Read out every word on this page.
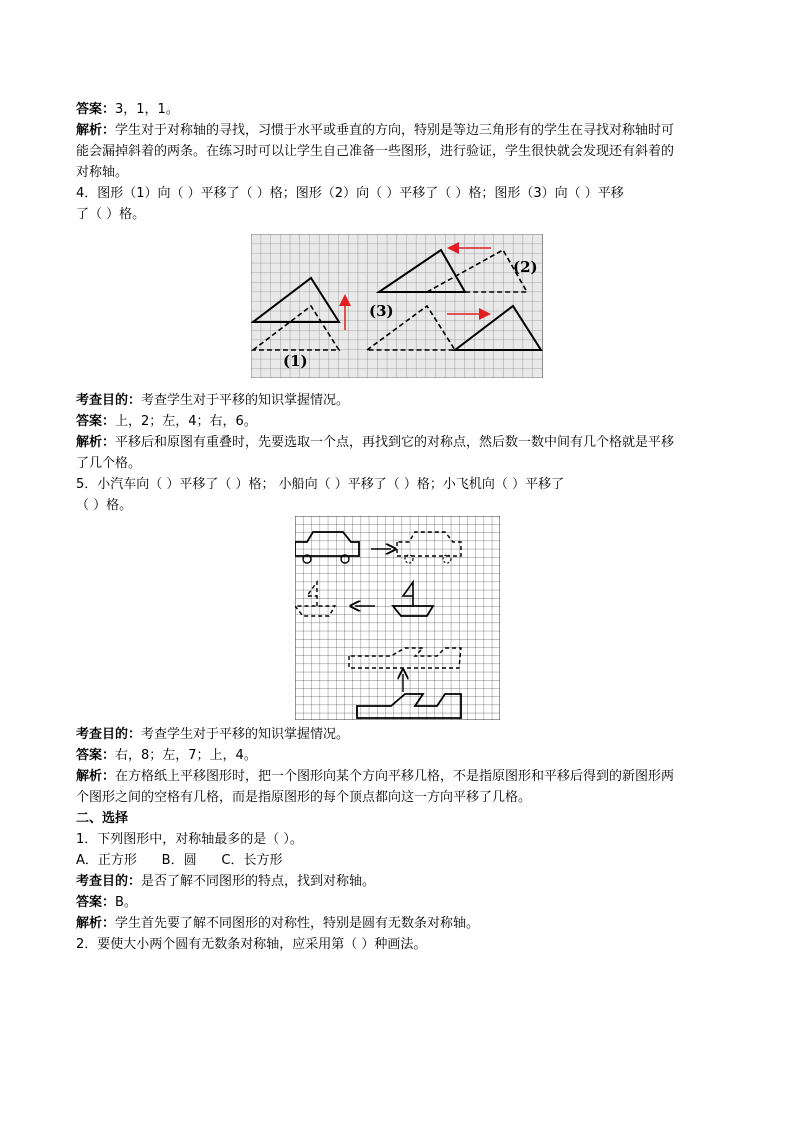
答案：3，1，1。
解析：学生对于对称轴的寻找，习惯于水平或垂直的方向，特别是等边三角形有的学生在寻找对称轴时可
能会漏掉斜着的两条。在练习时可以让学生自己准备一些图形，进行验证，学生很快就会发现还有斜着的
对称轴。
4．图形（1）向（ ）平移了（ ）格；图形（2）向（ ）平移了（ ）格；图形（3）向（ ）平移
了（ ）格。
(1)
(2)
(3)
考查目的：考查学生对于平移的知识掌握情况。
答案：上，2；左，4；右，6。
解析：平移后和原图有重叠时，先要选取一个点，再找到它的对称点，然后数一数中间有几个格就是平移
了几个格。
5．小汽车向（ ）平移了（ ）格； 小船向（ ）平移了（ ）格；小飞机向（ ）平移了
（ ）格。
考查目的：考查学生对于平移的知识掌握情况。
答案：右，8；左，7；上，4。
解析：在方格纸上平移图形时，把一个图形向某个方向平移几格，不是指原图形和平移后得到的新图形两
个图形之间的空格有几格，而是指原图形的每个顶点都向这一方向平移了几格。
二、选择
1．下列图形中，对称轴最多的是（ ）。
A．正方形      B．圆      C．长方形
考查目的：是否了解不同图形的特点，找到对称轴。
答案：B。
解析：学生首先要了解不同图形的对称性，特别是圆有无数条对称轴。
2．要使大小两个圆有无数条对称轴，应采用第（ ）种画法。
